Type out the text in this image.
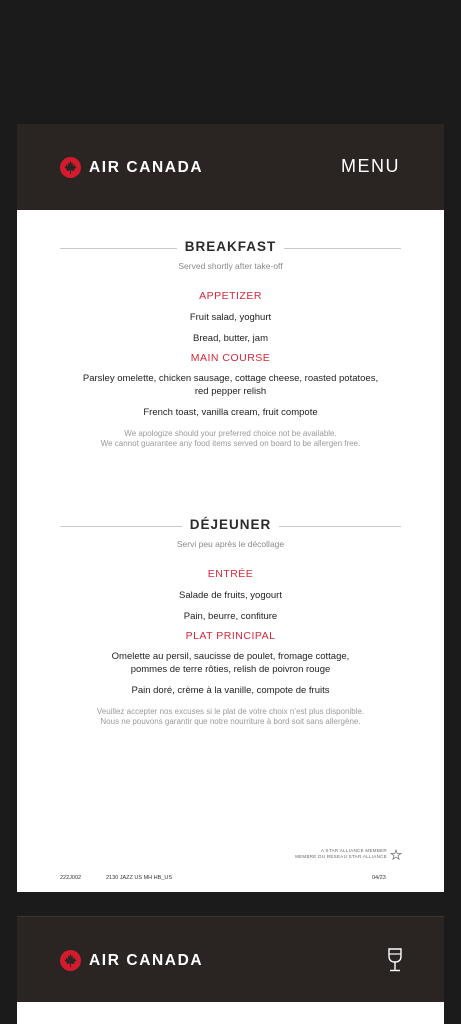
AIR CANADA	MENU
BREAKFAST
Served shortly after take-off
APPETIZER
Fruit salad, yoghurt
Bread, butter, jam
MAIN COURSE
Parsley omelette, chicken sausage, cottage cheese, roasted potatoes,
red pepper relish
French toast, vanilla cream, fruit compote
We apologize should your preferred choice not be available.
We cannot guarantee any food items served on board to be allergen free.
DÉJEUNER
Servi peu après le décollage
ENTRÉE
Salade de fruits, yogourt
Pain, beurre, confiture
PLAT PRINCIPAL
Omelette au persil, saucisse de poulet, fromage cottage,
pommes de terre rôties, relish de poivron rouge
Pain doré, crème à la vanille, compote de fruits
Veuillez accepter nos excuses si le plat de votre choix n’est plus disponible.
Nous ne pouvons garantir que notre nourriture à bord soit sans allergène.
A STAR ALLIANCE MEMBER
MEMBRE DU RÉSEAU STAR ALLIANCE
222J002	2130 JAZZ US MH HB_US	04/23
AIR CANADA
